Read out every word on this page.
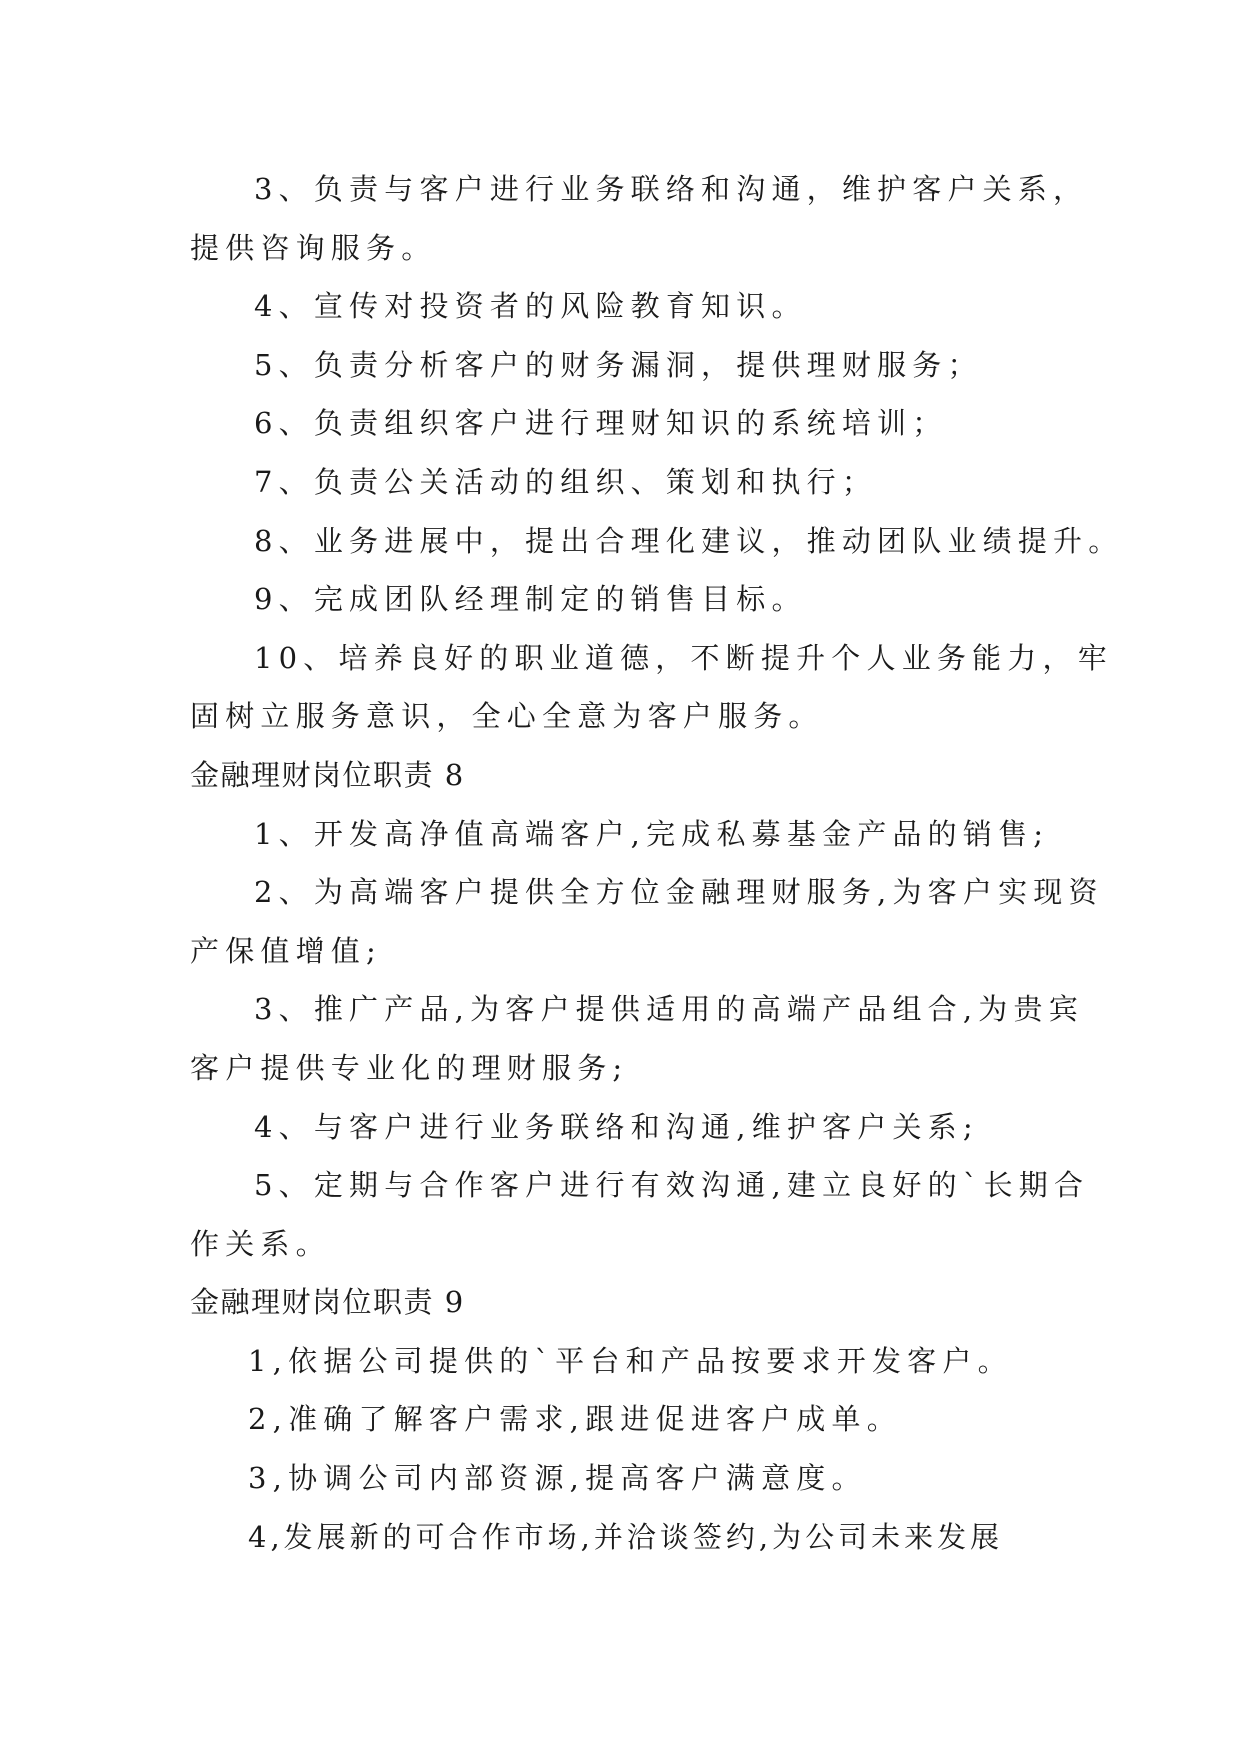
3、负责与客户进行业务联络和沟通，维护客户关系，
提供咨询服务。
4、宣传对投资者的风险教育知识。
5、负责分析客户的财务漏洞，提供理财服务；
6、负责组织客户进行理财知识的系统培训；
7、负责公关活动的组织、策划和执行；
8、业务进展中，提出合理化建议，推动团队业绩提升。
9、完成团队经理制定的销售目标。
10、培养良好的职业道德，不断提升个人业务能力，牢
固树立服务意识，全心全意为客户服务。
金融理财岗位职责 8
1、开发高净值高端客户,完成私募基金产品的销售;
2、为高端客户提供全方位金融理财服务,为客户实现资
产保值增值;
3、推广产品,为客户提供适用的高端产品组合,为贵宾
客户提供专业化的理财服务;
4、与客户进行业务联络和沟通,维护客户关系;
5、定期与合作客户进行有效沟通,建立良好的`长期合
作关系。
金融理财岗位职责 9
1,依据公司提供的`平台和产品按要求开发客户。
2,准确了解客户需求,跟进促进客户成单。
3,协调公司内部资源,提高客户满意度。
4,发展新的可合作市场,并洽谈签约,为公司未来发展
